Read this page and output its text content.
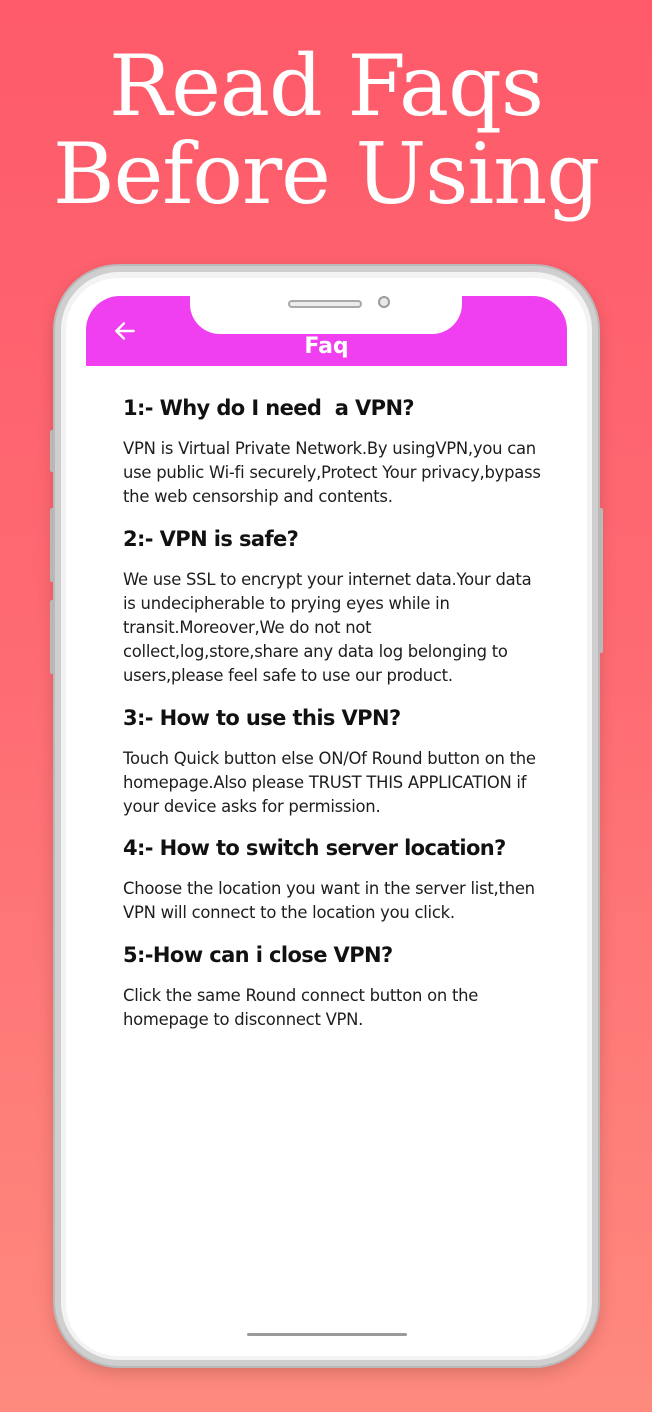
Read Faqs
Before Using
Faq

1:- Why do I need  a VPN?

VPN is Virtual Private Network.By usingVPN,you can use public Wi-fi securely,Protect Your privacy,bypass the web censorship and contents.

2:- VPN is safe?

We use SSL to encrypt your internet data.Your data is undecipherable to prying eyes while in transit.Moreover,We do not not collect,log,store,share any data log belonging to users,please feel safe to use our product.

3:- How to use this VPN?

Touch Quick button else ON/Of Round button on the homepage.Also please TRUST THIS APPLICATION if your device asks for permission.

4:- How to switch server location?

Choose the location you want in the server list,then VPN will connect to the location you click.

5:-How can i close VPN?

Click the same Round connect button on the homepage to disconnect VPN.
